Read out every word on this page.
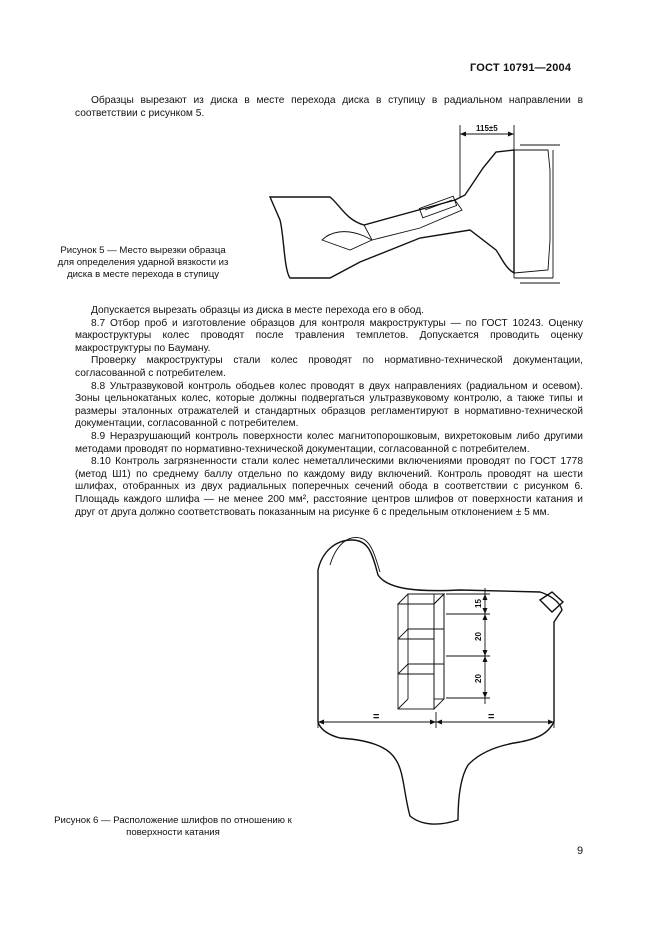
ГОСТ 10791—2004

Образцы вырезают из диска в месте перехода диска в ступицу в радиальном направлении в соответствии с рисунком 5.

115±5
=	=
15
20
20
Рисунок 5 — Место вырезки образца для определения ударной вязкости из диска в месте перехода в ступицу

Допускается вырезать образцы из диска в месте перехода его в обод.

8.7 Отбор проб и изготовление образцов для контроля макроструктуры — по ГОСТ 10243. Оценку макроструктуры колес проводят после травления темплетов. Допускается проводить оценку макроструктуры по Бауману.

Проверку макроструктуры стали колес проводят по нормативно-технической документации, согласованной с потребителем.

8.8 Ультразвуковой контроль ободьев колес проводят в двух направлениях (радиальном и осевом). Зоны цельнокатаных колес, которые должны подвергаться ультразвуковому контролю, а также типы и размеры эталонных отражателей и стандартных образцов регламентируют в нормативно-технической документации, согласованной с потребителем.

8.9 Неразрушающий контроль поверхности колес магнитопорошковым, вихретоковым либо другими методами проводят по нормативно-технической документации, согласованной с потребителем.

8.10 Контроль загрязненности стали колес неметаллическими включениями проводят по ГОСТ 1778 (метод Ш1) по среднему баллу отдельно по каждому виду включений. Контроль проводят на шести шлифах, отобранных из двух радиальных поперечных сечений обода в соответствии с рисунком 6. Площадь каждого шлифа — не менее 200 мм², расстояние центров шлифов от поверхности катания и друг от друга должно соответствовать показанным на рисунке 6 с предельным отклонением ± 5 мм.

Рисунок 6 — Расположение шлифов по отношению к поверхности катания
9
